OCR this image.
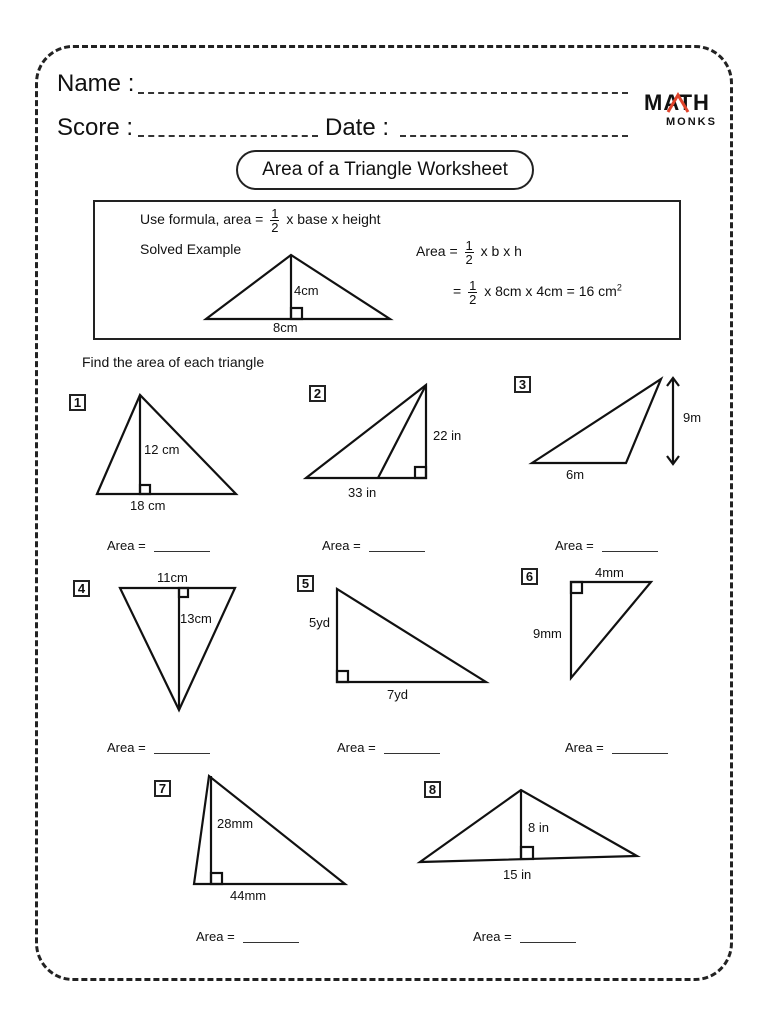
Name :
Score :	Date :
MATH
MONKS
Area of a Triangle Worksheet
Use formula, area = $\frac{1}{2}$ x base x height
Solved Example
4cm
8cm
Area = $\frac{1}{2}$ x b x h
= $\frac{1}{2}$ x 8cm x 4cm = 16 $cm^2$
Find the area of each triangle
1
2
3
4	5	6
7	8
12 cm
18 cm
22 in
33 in
9m
6m
11cm
13cm	5yd
7yd
4mm
9mm
28mm
44mm
8 in
15 in
Area =	Area =	Area =
Area =	Area =	Area =
Area =	Area =
